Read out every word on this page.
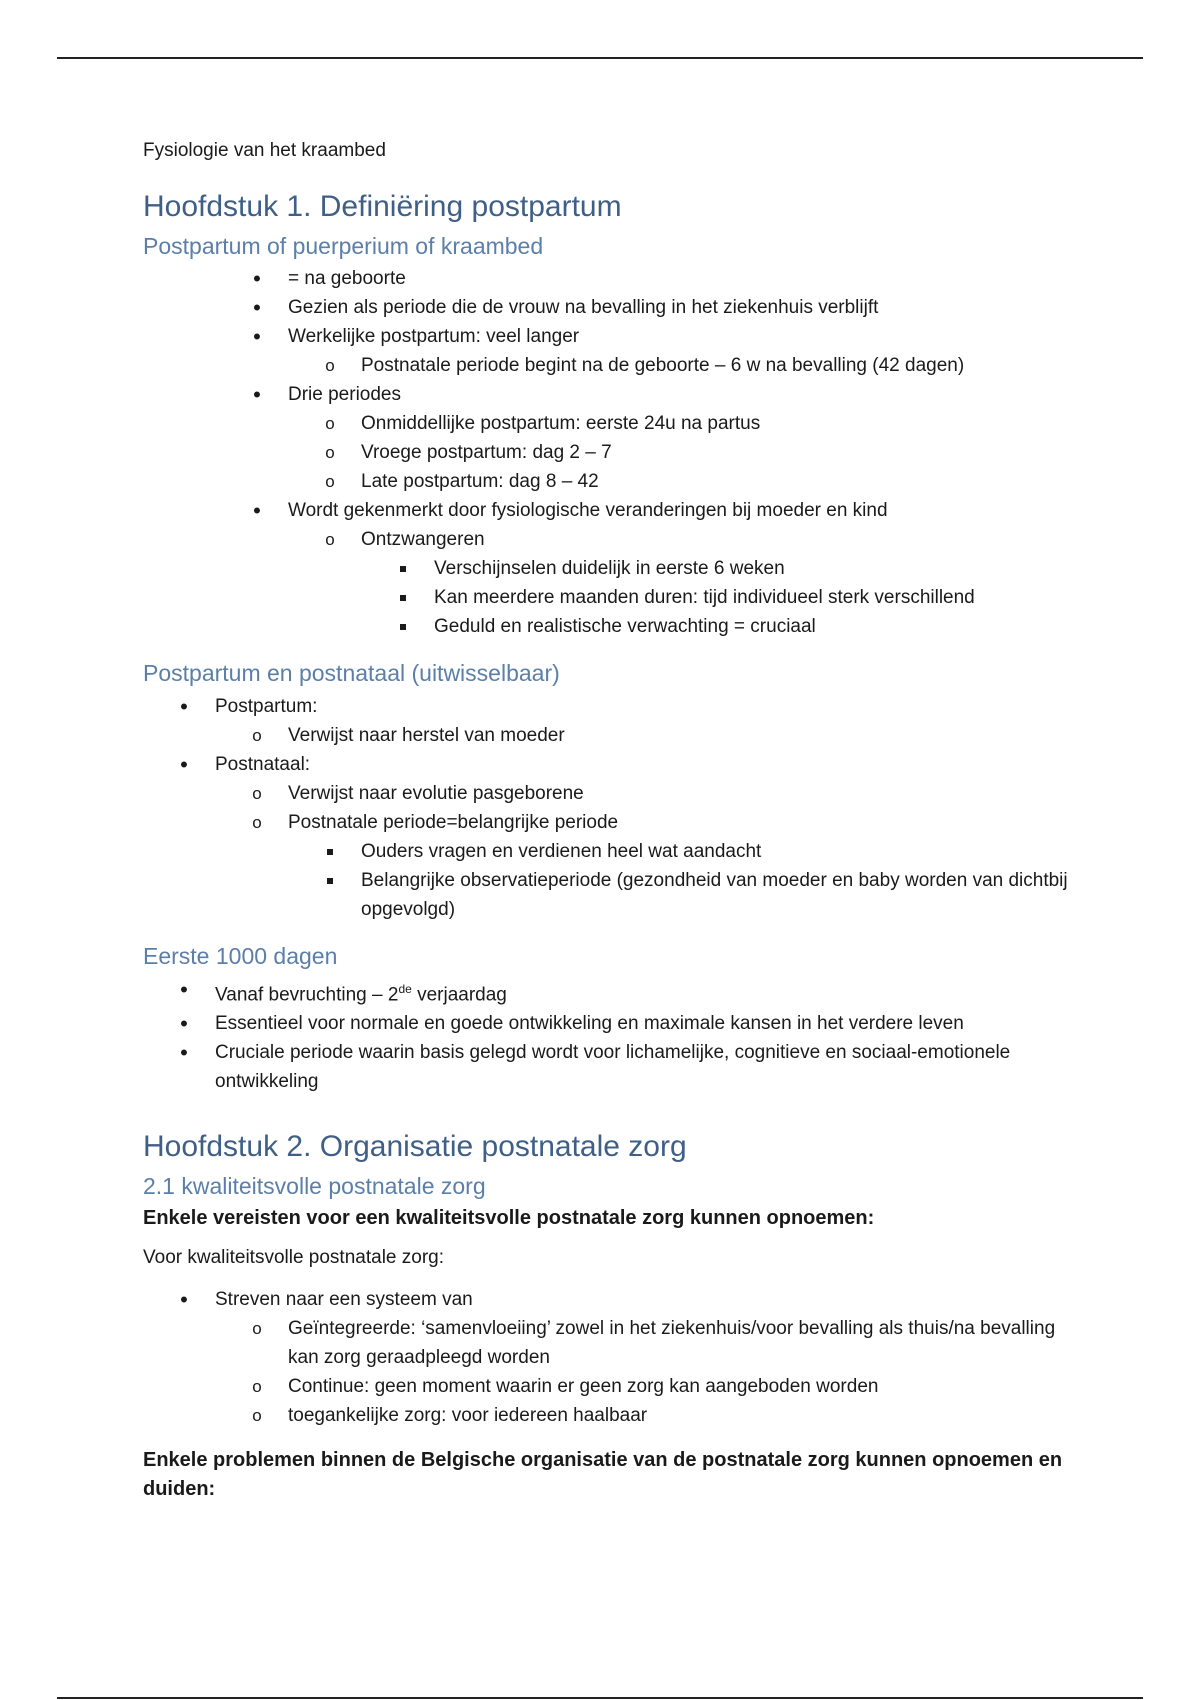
Fysiologie van het kraambed
Hoofdstuk 1. Definiëring postpartum
Postpartum of puerperium of kraambed
•
= na geboorte
•
Gezien als periode die de vrouw na bevalling in het ziekenhuis verblijft
•
Werkelijke postpartum: veel langer
o
Postnatale periode begint na de geboorte – 6 w na bevalling (42 dagen)
•
Drie periodes
o
Onmiddellijke postpartum: eerste 24u na partus
o
Vroege postpartum: dag 2 – 7
o
Late postpartum: dag 8 – 42
•
Wordt gekenmerkt door fysiologische veranderingen bij moeder en kind
o
Ontzwangeren
Verschijnselen duidelijk in eerste 6 weken
Kan meerdere maanden duren: tijd individueel sterk verschillend
Geduld en realistische verwachting = cruciaal
Postpartum en postnataal (uitwisselbaar)
•
Postpartum:
o
Verwijst naar herstel van moeder
•
Postnataal:
o
Verwijst naar evolutie pasgeborene
o
Postnatale periode=belangrijke periode
Ouders vragen en verdienen heel wat aandacht
Belangrijke observatieperiode (gezondheid van moeder en baby worden van dichtbij opgevolgd)
Eerste 1000 dagen
•
Vanaf bevruchting – 2de verjaardag
•
Essentieel voor normale en goede ontwikkeling en maximale kansen in het verdere leven
•
Cruciale periode waarin basis gelegd wordt voor lichamelijke, cognitieve en sociaal-emotionele ontwikkeling
Hoofdstuk 2. Organisatie postnatale zorg
2.1 kwaliteitsvolle postnatale zorg
Enkele vereisten voor een kwaliteitsvolle postnatale zorg kunnen opnoemen:
Voor kwaliteitsvolle postnatale zorg:
•
Streven naar een systeem van
o
Geïntegreerde: ‘samenvloeiing’ zowel in het ziekenhuis/voor bevalling als thuis/na bevalling kan zorg geraadpleegd worden
o
Continue: geen moment waarin er geen zorg kan aangeboden worden
o
toegankelijke zorg: voor iedereen haalbaar
Enkele problemen binnen de Belgische organisatie van de postnatale zorg kunnen opnoemen en duiden:
